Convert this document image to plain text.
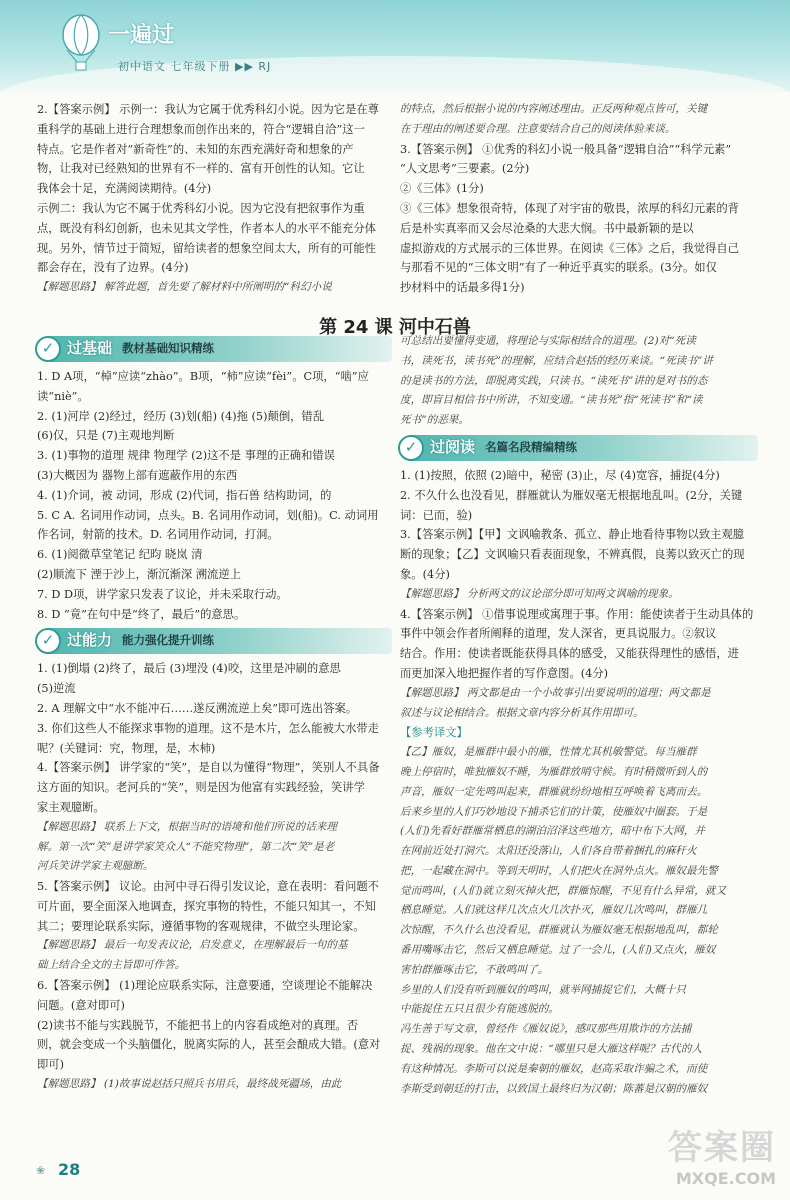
一遍过
初中语文 七年级下册 ▶▶ RJ

2.【答案示例】 示例一：我认为它属于优秀科幻小说。因为它是在尊

重科学的基础上进行合理想象而创作出来的，符合“逻辑自洽”这一

特点。它是作者对“新奇性”的、未知的东西充满好奇和想象的产

物，让我对已经熟知的世界有不一样的、富有开创性的认知。它让

我体会十足，充满阅读期待。(4分)

示例二：我认为它不属于优秀科幻小说。因为它没有把叙事作为重

点，既没有科幻创新，也未见其文学性，作者本人的水平不能充分体

现。另外，情节过于简短，留给读者的想象空间太大，所有的可能性

都会存在，没有了边界。(4分)

【解题思路】 解答此题，首先要了解材料中所阐明的“科幻小说

✓ 过基础 教材基础知识精练

1. D A项，“棹”应读“zhào”。B项，“柿”应读“fèi”。C项，“啮”应

读“niè”。

2. (1)河岸 (2)经过，经历 (3)划(船) (4)拖 (5)颠倒，错乱

(6)仅，只是 (7)主观地判断

3. (1)事物的道理 规律 物理学 (2)这不是 事理的正确和错误

(3)大概因为 器物上部有遮蔽作用的东西

4. (1)介词，被 动词，形成 (2)代词，指石兽 结构助词，的

5. C A. 名词用作动词，点头。B. 名词用作动词，划(船)。C. 动词用

作名词，射箭的技术。D. 名词用作动词，打洞。

6. (1)阅微草堂笔记 纪昀 晓岚 清

(2)顺流下 湮于沙上，渐沉渐深 溯流逆上

7. D D项，讲学家只发表了议论，并未采取行动。

8. D “竟”在句中是“终了，最后”的意思。

✓ 过能力 能力强化提升训练

1. (1)倒塌 (2)终了，最后 (3)埋没 (4)咬，这里是冲刷的意思

(5)逆流

2. A 理解文中“水不能冲石……遂反溯流逆上矣”即可选出答案。

3. 你们这些人不能探求事物的道理。这不是木片，怎么能被大水带走

呢？(关键词：究，物理，是，木柿)

4.【答案示例】 讲学家的“笑”，是自以为懂得“物理”，笑别人不具备

这方面的知识。老河兵的“笑”，则是因为他富有实践经验，笑讲学

家主观臆断。

【解题思路】 联系上下文，根据当时的语境和他们所说的话来理

解。第一次“笑”是讲学家笑众人“不能究物理”，第二次“笑”是老

河兵笑讲学家主观臆断。

5.【答案示例】 议论。由河中寻石得引发议论，意在表明：看问题不

可片面，要全面深入地调查，探究事物的特性，不能只知其一，不知

其二；要理论联系实际，遵循事物的客观规律，不做空头理论家。

【解题思路】 最后一句发表议论，启发意义，在理解最后一句的基

础上结合全文的主旨即可作答。

6.【答案示例】 (1)理论应联系实际，注意要通，空谈理论不能解决

问题。(意对即可)

(2)读书不能与实践脱节，不能把书上的内容看成绝对的真理。否

则，就会变成一个头脑僵化，脱离实际的人，甚至会酿成大错。(意对

即可)

【解题思路】 (1)故事说赵括只照兵书用兵，最终战死疆场，由此

第 24 课 河中石兽

的特点，然后根据小说的内容阐述理由。正反两种观点皆可，关键

在于理由的阐述要合理。注意要结合自己的阅读体验来谈。

3.【答案示例】 ①优秀的科幻小说一般具备“逻辑自洽”“科学元素”

“人文思考”三要素。(2分)

②《三体》(1分)

③《三体》想象很奇特，体现了对宇宙的敬畏，浓厚的科幻元素的背

后是朴实真率而又会尽沧桑的大悲大悯。书中最新颖的是以

虚拟游戏的方式展示的三体世界。在阅读《三体》之后，我觉得自己

与那看不见的“三体文明”有了一种近乎真实的联系。(3分。如仅

抄材料中的话最多得1分)

可总结出要懂得变通，将理论与实际相结合的道理。(2)对“死读

书，读死书，读书死”的理解，应结合赵括的经历来谈。“死读书”讲

的是读书的方法，即脱离实践，只读书。“读死书”讲的是对书的态

度，即盲目相信书中所讲，不知变通。“读书死”指“死读书”和“读

死书”的恶果。

✓ 过阅读 名篇名段精编精练

1. (1)按照，依照 (2)暗中，秘密 (3)止，尽 (4)宽容，捕捉(4分)

2. 不久什么也没看见，群雁就认为雁奴毫无根据地乱叫。(2分，关键

词：已而，验)

3.【答案示例】【甲】文讽喻教条、孤立、静止地看待事物以致主观臆

断的现象；【乙】文讽喻只看表面现象，不辨真假，良莠以致灭亡的现

象。(4分)

【解题思路】 分析两文的议论部分即可知两文讽喻的现象。

4.【答案示例】 ①借事说理或寓理于事。作用：能使读者于生动具体的

事件中领会作者所阐释的道理，发人深省，更具说服力。②叙议

结合。作用：使读者既能获得具体的感受，又能获得理性的感悟，进

而更加深入地把握作者的写作意图。(4分)

【解题思路】 两文都是由一个小故事引出要说明的道理；两文都是

叙述与议论相结合。根据文章内容分析其作用即可。

【参考译文】

【乙】雁奴，是雁群中最小的雁，性情尤其机敏警觉。每当雁群

晚上停宿时，唯独雁奴不睡，为雁群放哨守候。有时稍微听到人的

声音，雁奴一定先鸣叫起来，群雁就纷纷地相互呼唤着飞离而去。

后来乡里的人们巧妙地设下捕杀它们的计策，使雁奴中圈套。于是

(人们)先看好群雁常栖息的湖泊沼泽这些地方，暗中布下大网，并

在网前近处打洞穴。太阳还没落山，人们各自带着捆扎的麻秆火

把，一起藏在洞中。等到天明时，人们把火在洞外点火。雁奴最先警

觉而鸣叫，(人们)就立刻灭掉火把，群雁惊醒，不见有什么异常，就又

栖息睡觉。人们就这样几次点火几次扑灭，雁奴几次鸣叫，群雁几

次惊醒，不久什么也没看见，群雁就认为雁奴毫无根据地乱叫，都轮

番用嘴啄击它，然后又栖息睡觉。过了一会儿，(人们)又点火，雁奴

害怕群雁啄击它，不敢鸣叫了。

乡里的人们没有听到雁奴的鸣叫，就举网捕捉它们，大概十只

中能捉住五只且很少有能逃脱的。

冯生善于写文章，曾经作《雁奴说》，感叹那些用欺诈的方法捕

捉、残祸的现象。他在文中说：“哪里只是大雁这样呢？古代的人

有这种情况。李斯可以说是秦朝的雁奴，赵高采取诈骗之术，而使

李斯受到朝廷的打击，以致国土最终归为汉朝；陈蕃是汉朝的雁奴

❀ 28
答案圈
MXQE.COM
